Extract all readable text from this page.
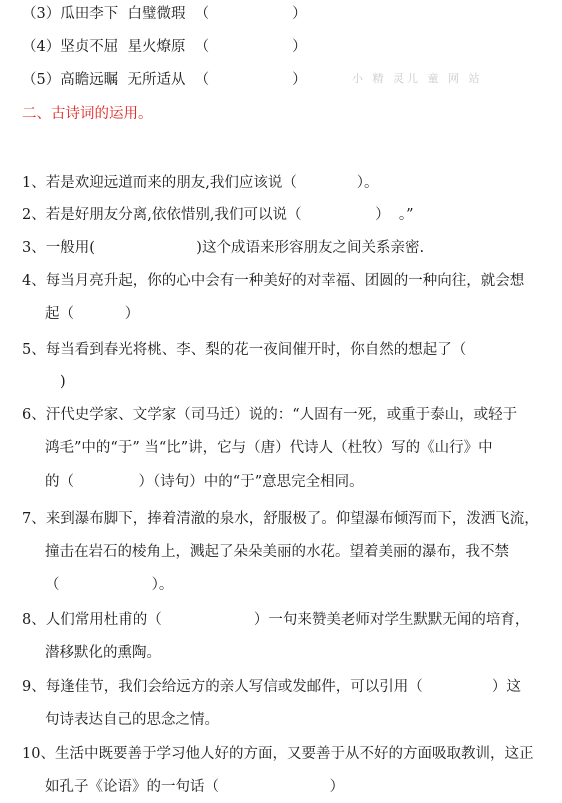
（3）瓜田李下  白璧微瑕  （                  ）
（4）坚贞不屈  星火燎原  （                  ）
（5）高瞻远瞩  无所适从  （                  ）	小 精 灵儿 童 网 站
二、古诗词的运用。
1、若是欢迎远道而来的朋友,我们应该说（             ）。
2、若是好朋友分离,依依惜别,我们可以说（                ）  。”
3、一般用(                      )这个成语来形容朋友之间关系亲密.
4、每当月亮升起，你的心中会有一种美好的对幸福、团圆的一种向往，就会想
起（           ）
5、每当看到春光将桃、李、梨的花一夜间催开时，你自然的想起了（
)
6、汗代史学家、文学家（司马迁）说的：“人固有一死，或重于泰山，或轻于
鸿毛”中的“于” 当“比”讲，它与（唐）代诗人（杜牧）写的《山行》中
的（              ）（诗句）中的“于”意思完全相同。
7、来到瀑布脚下，捧着清澈的泉水，舒服极了。仰望瀑布倾泻而下，泼洒飞流，
撞击在岩石的棱角上，溅起了朵朵美丽的水花。望着美丽的瀑布，我不禁
（                    ）。
8、人们常用杜甫的（                    ）一句来赞美老师对学生默默无闻的培育，
潜移默化的熏陶。
9、每逢佳节，我们会给远方的亲人写信或发邮件，可以引用（               ）这
句诗表达自己的思念之情。
10、生活中既要善于学习他人好的方面，又要善于从不好的方面吸取教训，这正
如孔子《论语》的一句话（                        ）
